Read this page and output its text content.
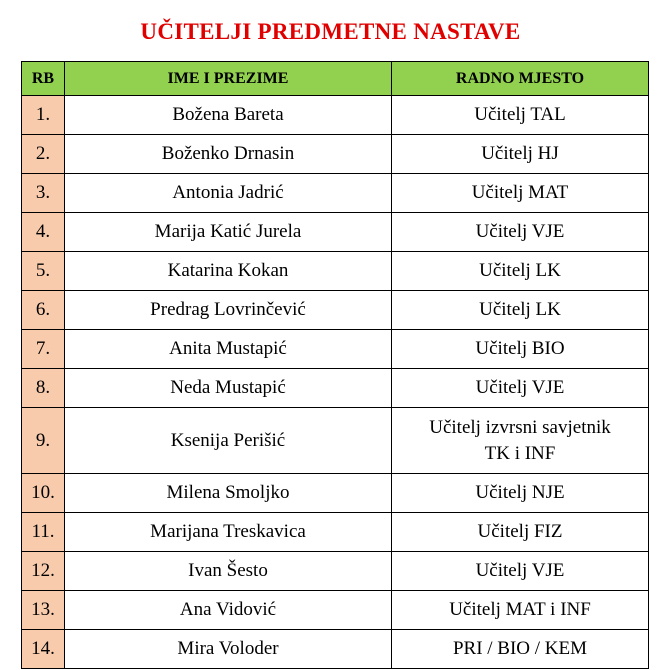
UČITELJI PREDMETNE NASTAVE
RB	IME I PREZIME	RADNO MJESTO
1.	Božena Bareta	Učitelj TAL
2.	Boženko Drnasin	Učitelj HJ
3.	Antonia Jadrić	Učitelj MAT
4.	Marija Katić Jurela	Učitelj VJE
5.	Katarina Kokan	Učitelj LK
6.	Predrag Lovrinčević	Učitelj LK
7.	Anita Mustapić	Učitelj BIO
8.	Neda Mustapić	Učitelj VJE
9.	Ksenija Perišić	Učitelj izvrsni savjetnik
TK i INF

10.	Milena Smoljko	Učitelj NJE
11.	Marijana Treskavica	Učitelj FIZ
12.	Ivan Šesto	Učitelj VJE
13.	Ana Vidović	Učitelj MAT i INF
14.	Mira Voloder	PRI / BIO / KEM
